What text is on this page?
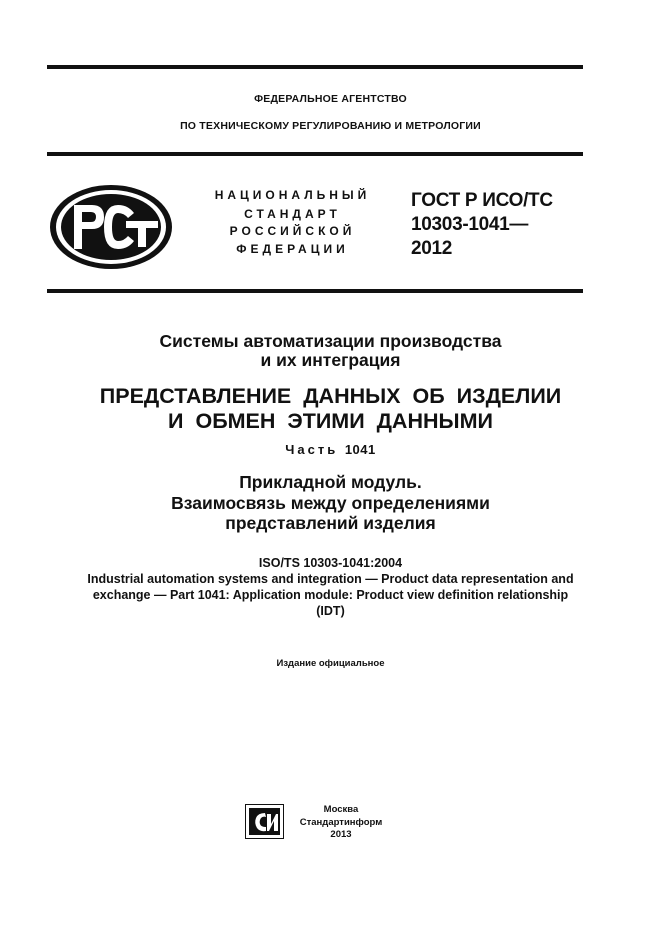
ФЕДЕРАЛЬНОЕ АГЕНТСТВО
ПО ТЕХНИЧЕСКОМУ РЕГУЛИРОВАНИЮ И МЕТРОЛОГИИ
НАЦИОНАЛЬНЫЙ
СТАНДАРТ
РОССИЙСКОЙ
ФЕДЕРАЦИИ
ГОСТ Р ИСО/ТС
10303-1041—
2012
Системы автоматизации производства
и их интеграция
ПРЕДСТАВЛЕНИЕ ДАННЫХ ОБ ИЗДЕЛИИ
И ОБМЕН ЭТИМИ ДАННЫМИ
Часть 1041
Прикладной модуль.
Взаимосвязь между определениями
представлений изделия
ISO/TS 10303-1041:2004
Industrial automation systems and integration — Product data representation and
exchange — Part 1041: Application module: Product view definition relationship
(IDT)
Издание официальное
Москва
Стандартинформ
2013
